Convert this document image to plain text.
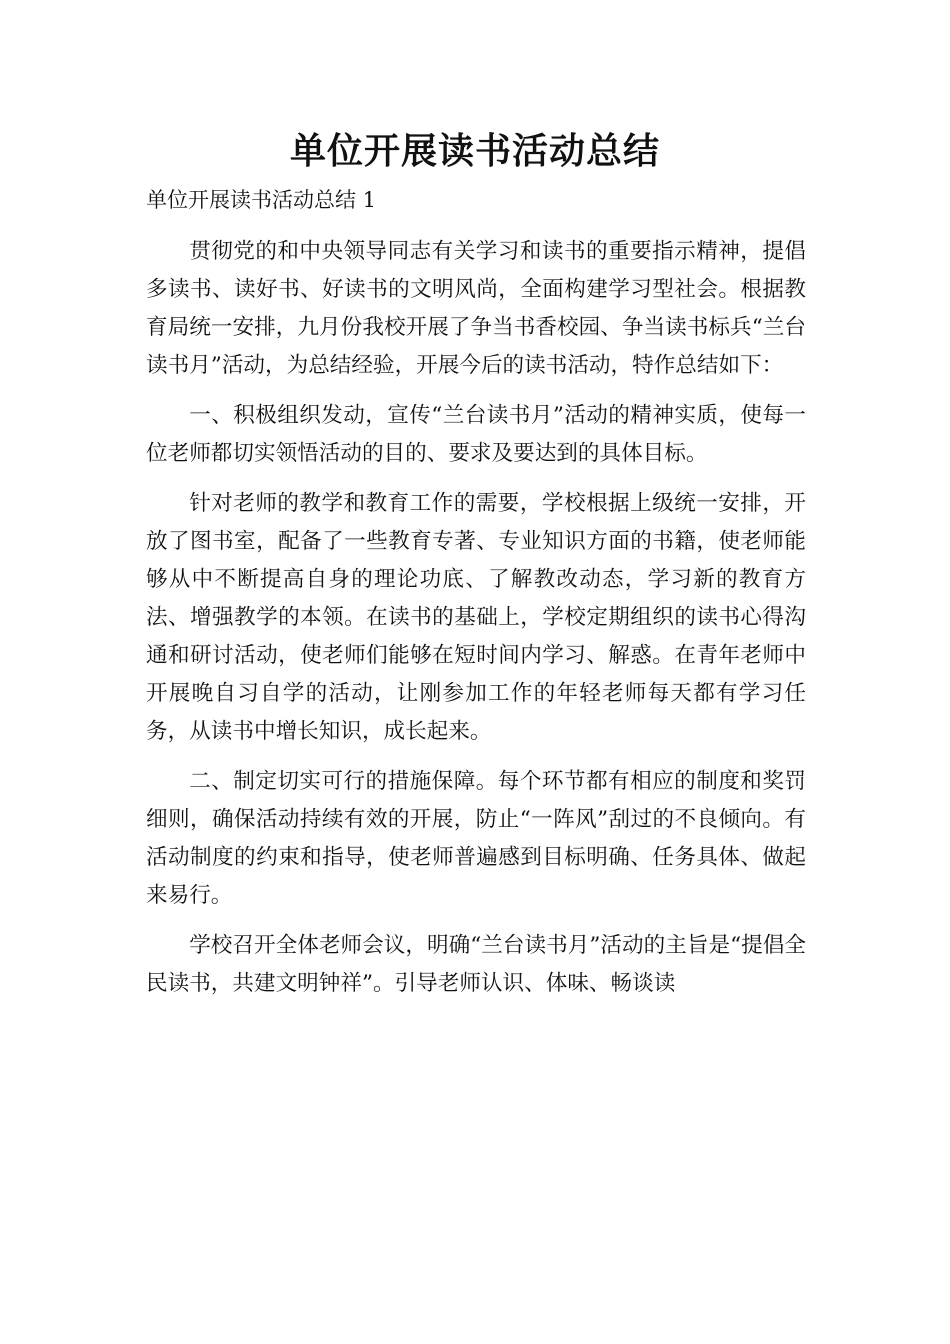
单位开展读书活动总结
单位开展读书活动总结 1

贯彻党的和中央领导同志有关学习和读书的重要指示精神，提倡多读书、读好书、好读书的文明风尚，全面构建学习型社会。根据教育局统一安排，九月份我校开展了争当书香校园、争当读书标兵“兰台读书月”活动，为总结经验，开展今后的读书活动，特作总结如下：

一、积极组织发动，宣传“兰台读书月”活动的精神实质，使每一位老师都切实领悟活动的目的、要求及要达到的具体目标。

针对老师的教学和教育工作的需要，学校根据上级统一安排，开放了图书室，配备了一些教育专著、专业知识方面的书籍，使老师能够从中不断提高自身的理论功底、了解教改动态，学习新的教育方法、增强教学的本领。在读书的基础上，学校定期组织的读书心得沟通和研讨活动，使老师们能够在短时间内学习、解惑。在青年老师中开展晚自习自学的活动，让刚参加工作的年轻老师每天都有学习任务，从读书中增长知识，成长起来。

二、制定切实可行的措施保障。每个环节都有相应的制度和奖罚细则，确保活动持续有效的开展，防止“一阵风”刮过的不良倾向。有活动制度的约束和指导，使老师普遍感到目标明确、任务具体、做起来易行。

学校召开全体老师会议，明确“兰台读书月”活动的主旨是“提倡全民读书，共建文明钟祥”。引导老师认识、体味、畅谈读
